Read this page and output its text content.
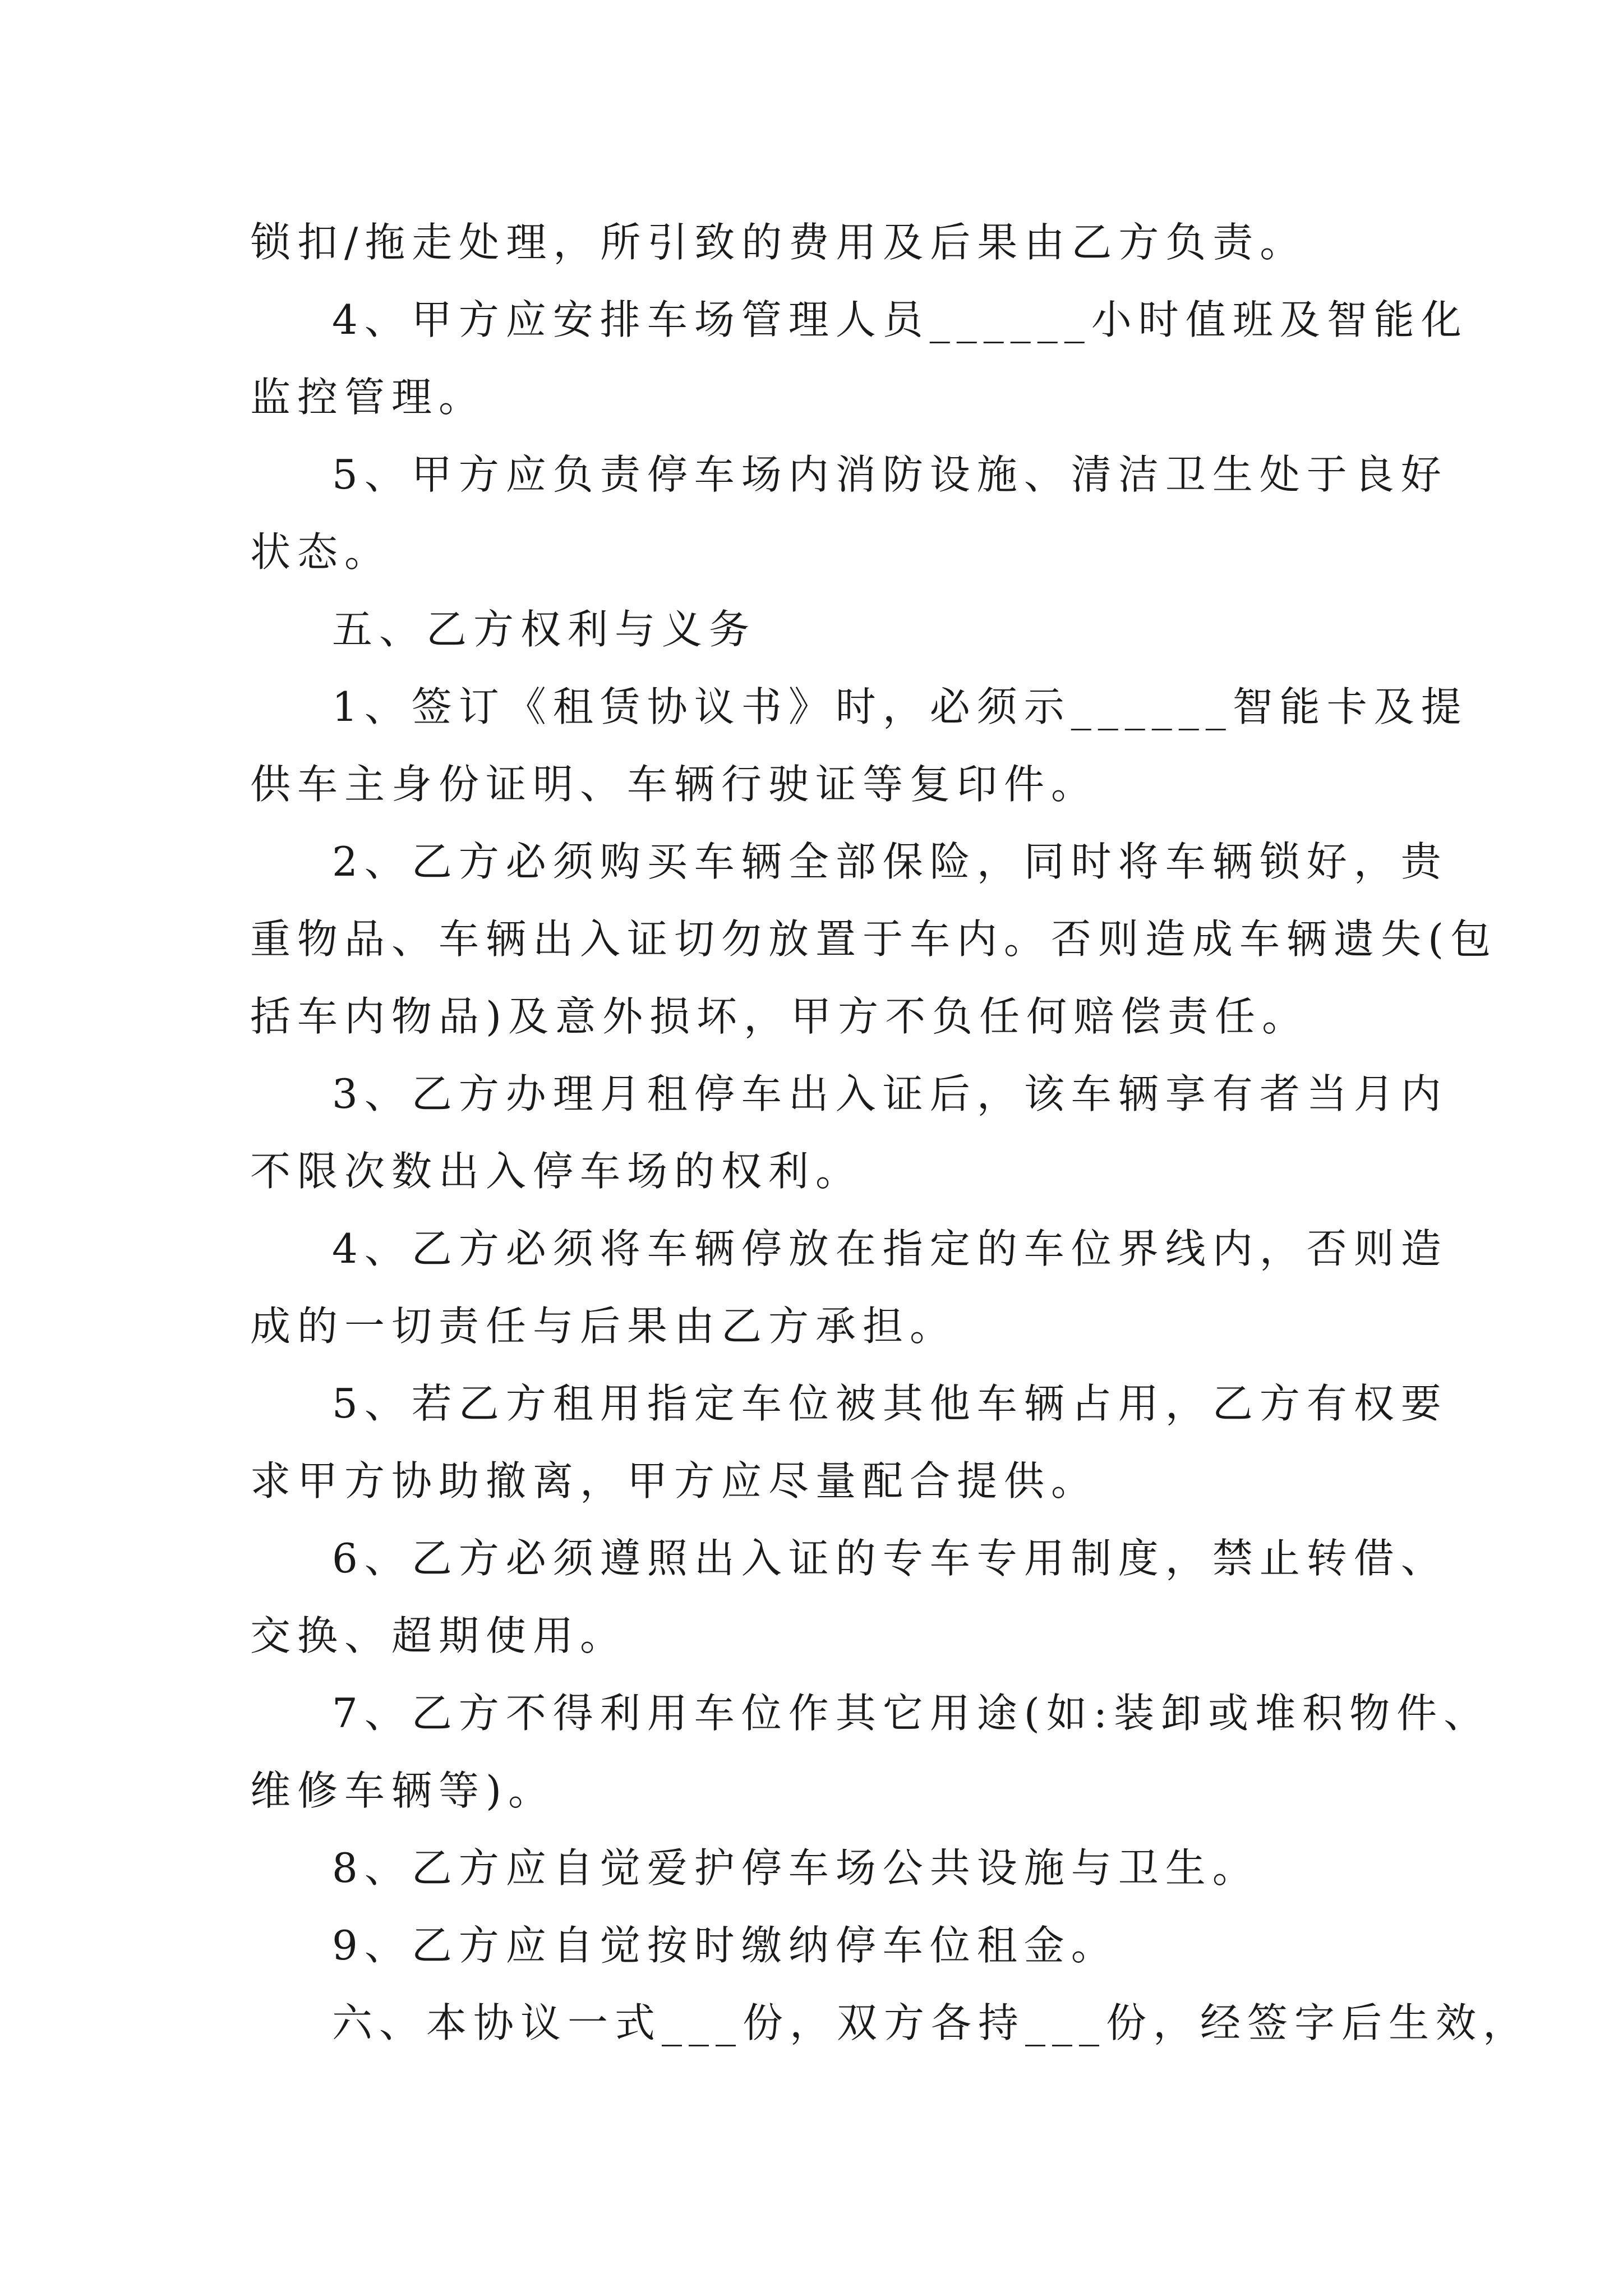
锁扣/拖走处理，所引致的费用及后果由乙方负责。
4、甲方应安排车场管理人员______小时值班及智能化
监控管理。
5、甲方应负责停车场内消防设施、清洁卫生处于良好
状态。
五、乙方权利与义务
1、签订《租赁协议书》时，必须示______智能卡及提
供车主身份证明、车辆行驶证等复印件。
2、乙方必须购买车辆全部保险，同时将车辆锁好，贵
重物品、车辆出入证切勿放置于车内。否则造成车辆遗失(包
括车内物品)及意外损坏，甲方不负任何赔偿责任。
3、乙方办理月租停车出入证后，该车辆享有者当月内
不限次数出入停车场的权利。
4、乙方必须将车辆停放在指定的车位界线内，否则造
成的一切责任与后果由乙方承担。
5、若乙方租用指定车位被其他车辆占用，乙方有权要
求甲方协助撤离，甲方应尽量配合提供。
6、乙方必须遵照出入证的专车专用制度，禁止转借、
交换、超期使用。
7、乙方不得利用车位作其它用途(如:装卸或堆积物件、
维修车辆等)。
8、乙方应自觉爱护停车场公共设施与卫生。
9、乙方应自觉按时缴纳停车位租金。
六、本协议一式___份，双方各持___份，经签字后生效，
